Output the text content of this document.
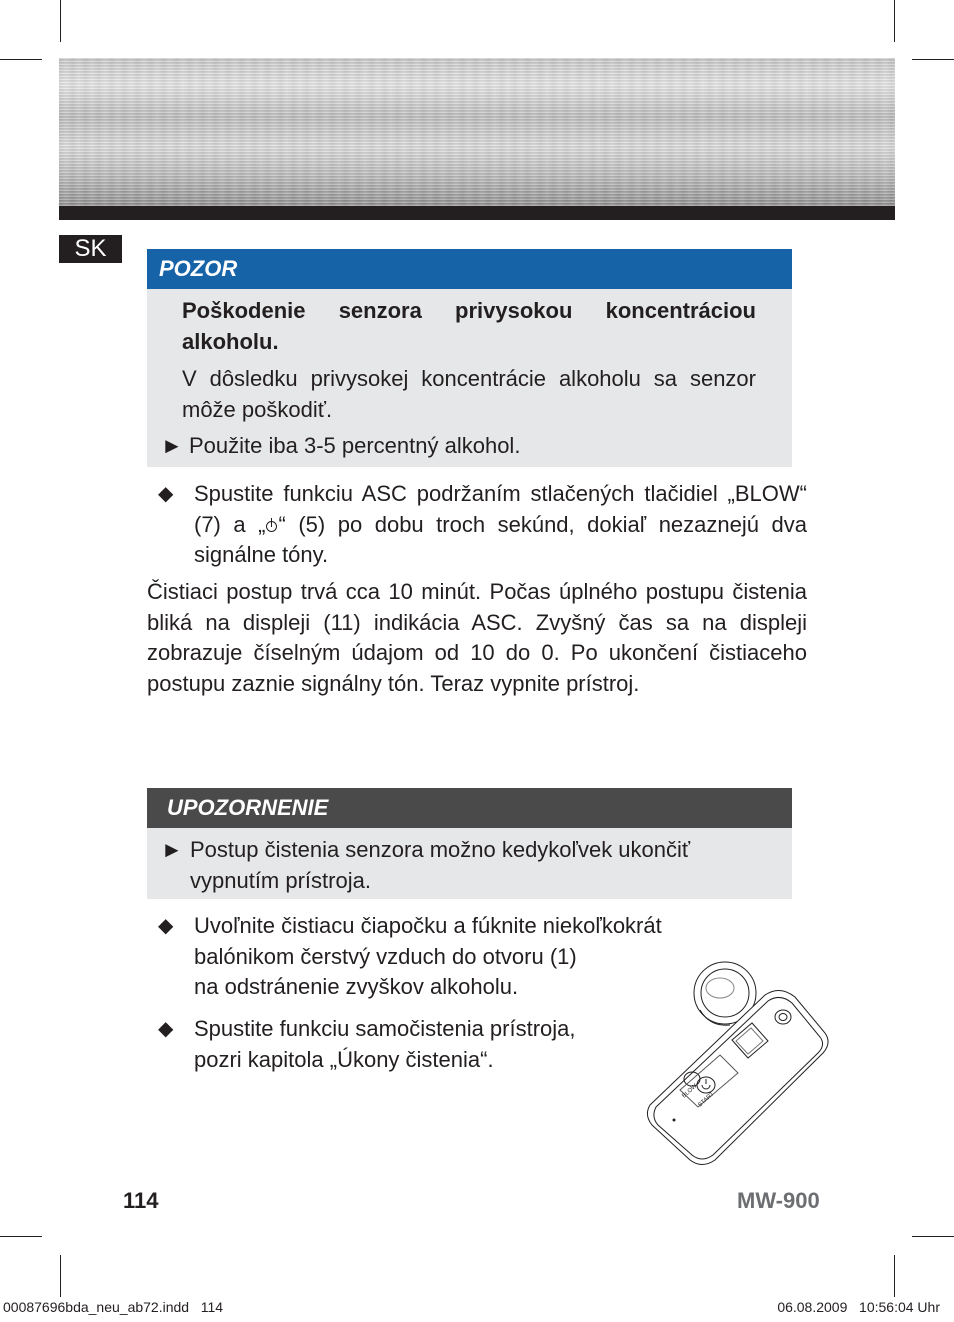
SK
POZOR
Poškodenie senzora privysokou koncentráciou alkoholu.
V dôsledku privysokej koncentrácie alkoholu sa senzor môže poškodiť.
► Použite iba 3-5 percentný alkohol.
◆ Spustite funkciu ASC podržaním stlačených tlačidiel „BLOW“ (7) a „ “ (5) po dobu troch sekúnd, dokiaľ nezaznejú dva signálne tóny.
Čistiaci postup trvá cca 10 minút. Počas úplného postupu čistenia bliká na displeji (11) indikácia ASC. Zvyšný čas sa na displeji zobrazuje číselným údajom od 10 do 0. Po ukončení čistiaceho postupu zaznie signálny tón. Teraz vypnite prístroj.
UPOZORNENIE
► Postup čistenia senzora možno kedykoľvek ukončiť vypnutím prístroja.
◆ Uvoľnite čistiacu čiapočku a fúknite niekoľkokrát
balónikom čerstvý vzduch do otvoru (1)
na odstránenie zvyškov alkoholu.
◆ Spustite funkciu samočistenia prístroja,
pozri kapitola „Úkony čistenia“.
BLOW
START
114	MW-900
00087696bda_neu_ab72.indd   114	06.08.2009   10:56:04 Uhr
